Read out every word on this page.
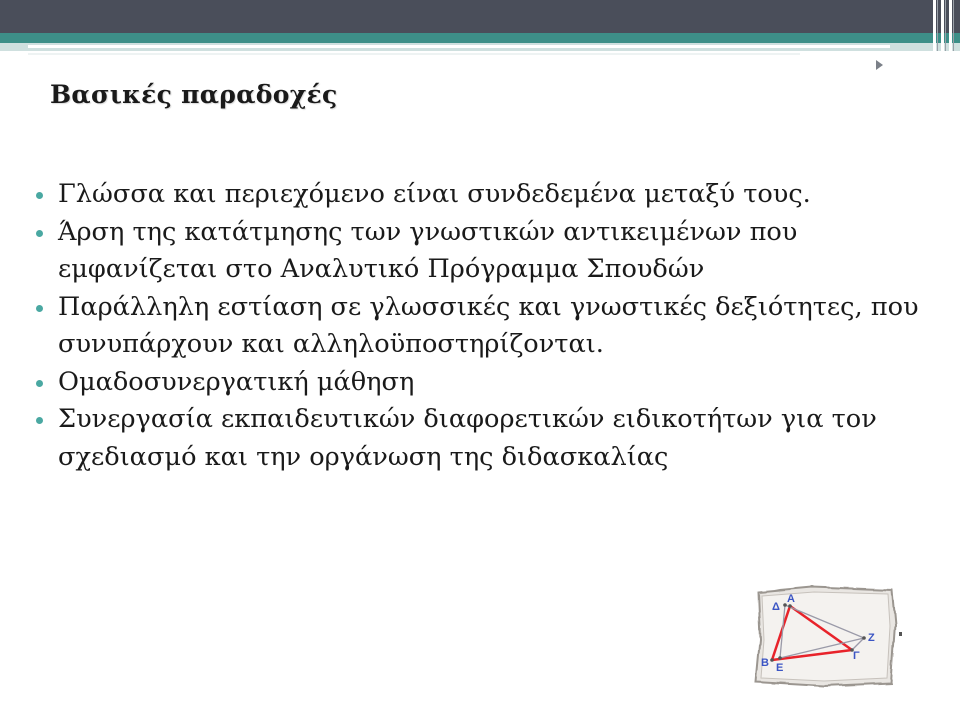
Βασικές παραδοχές
Γλώσσα και περιεχόμενο είναι συνδεδεμένα μεταξύ τους.
Άρση της κατάτμησης των γνωστικών αντικειμένων που εμφανίζεται στο Αναλυτικό Πρόγραμμα Σπουδών
Παράλληλη εστίαση σε γλωσσικές και γνωστικές δεξιότητες, που συνυπάρχουν και αλληλοϋποστηρίζονται.
Ομαδοσυνεργατική μάθηση
Συνεργασία εκπαιδευτικών διαφορετικών ειδικοτήτων για τον σχεδιασμό και την οργάνωση της διδασκαλίας
Α
Δ
Β Ε
Γ
Ζ
